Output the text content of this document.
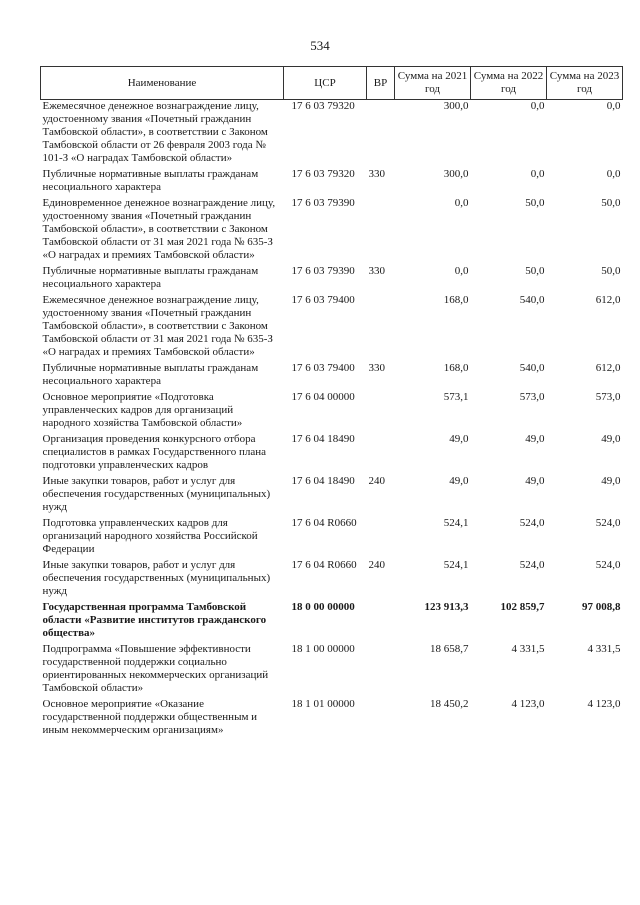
534
Наименование	ЦСР	ВР	Сумма на 2021 год	Сумма на 2022 год	Сумма на 2023 год
Ежемесячное денежное вознаграждение лицу, удостоенному звания «Почетный гражданин Тамбовской области», в соответствии с Законом Тамбовской области от 26 февраля 2003 года № 101-З «О наградах Тамбовской области»	17 6 03 79320		300,0	0,0	0,0
Публичные нормативные выплаты гражданам несоциального характера	17 6 03 79320	330	300,0	0,0	0,0
Единовременное денежное вознаграждение лицу, удостоенному звания «Почетный гражданин Тамбовской области», в соответствии с Законом Тамбовской области от 31 мая 2021 года № 635-З «О наградах и премиях Тамбовской области»	17 6 03 79390		0,0	50,0	50,0
Публичные нормативные выплаты гражданам несоциального характера	17 6 03 79390	330	0,0	50,0	50,0
Ежемесячное денежное вознаграждение лицу, удостоенному звания «Почетный гражданин Тамбовской области», в соответствии с Законом Тамбовской области от 31 мая 2021 года № 635-З «О наградах и премиях Тамбовской области»	17 6 03 79400		168,0	540,0	612,0
Публичные нормативные выплаты гражданам несоциального характера	17 6 03 79400	330	168,0	540,0	612,0
Основное мероприятие «Подготовка управленческих кадров для организаций народного хозяйства Тамбовской области»	17 6 04 00000		573,1	573,0	573,0
Организация проведения конкурсного отбора специалистов в рамках Государственного плана подготовки управленческих кадров	17 6 04 18490		49,0	49,0	49,0
Иные закупки товаров, работ и услуг для обеспечения государственных (муниципальных) нужд	17 6 04 18490	240	49,0	49,0	49,0
Подготовка управленческих кадров для организаций народного хозяйства Российской Федерации	17 6 04 R0660		524,1	524,0	524,0
Иные закупки товаров, работ и услуг для обеспечения государственных (муниципальных) нужд	17 6 04 R0660	240	524,1	524,0	524,0
Государственная программа Тамбовской области «Развитие институтов гражданского общества»	18 0 00 00000		123 913,3	102 859,7	97 008,8
Подпрограмма «Повышение эффективности государственной поддержки социально ориентированных некоммерческих организаций Тамбовской области»	18 1 00 00000		18 658,7	4 331,5	4 331,5
Основное мероприятие «Оказание государственной поддержки общественным и иным некоммерческим организациям»	18 1 01 00000		18 450,2	4 123,0	4 123,0
